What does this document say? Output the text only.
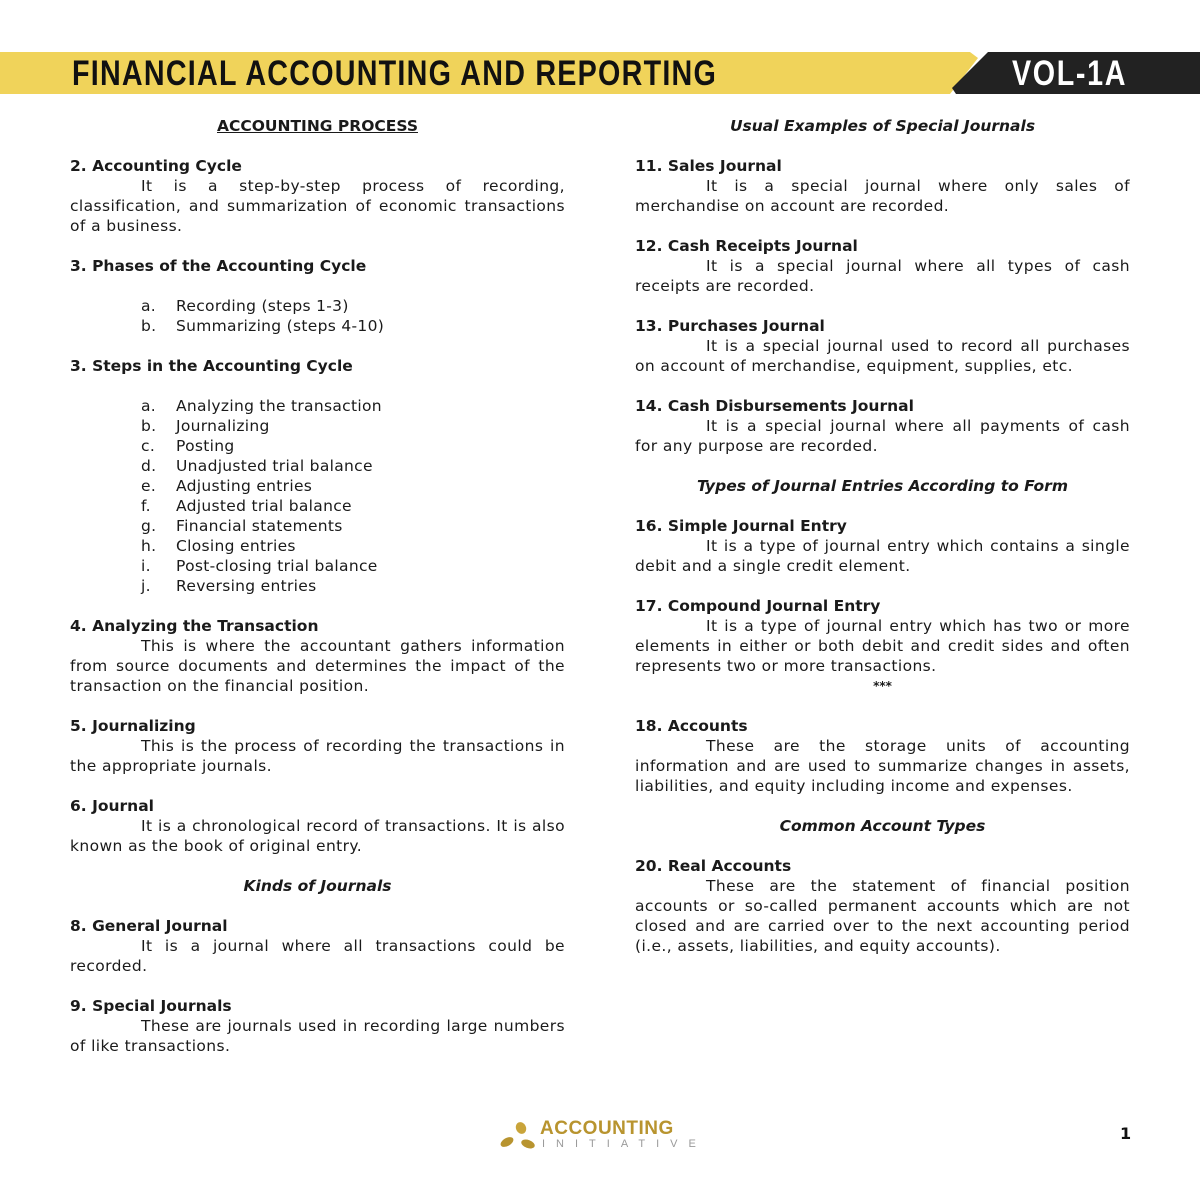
FINANCIAL ACCOUNTING AND REPORTING	VOL-1A
ACCOUNTING PROCESS
2. Accounting Cycle
It is a step-by-step process of recording, classification, and summarization of economic transactions of a business.
3. Phases of the Accounting Cycle
a.	Recording (steps 1-3)
b.	Summarizing (steps 4-10)
3. Steps in the Accounting Cycle
a.	Analyzing the transaction
b.	Journalizing
c.	Posting
d.	Unadjusted trial balance
e.	Adjusting entries
f.	Adjusted trial balance
g.	Financial statements
h.	Closing entries
i.	Post-closing trial balance
j.	Reversing entries
4. Analyzing the Transaction
This is where the accountant gathers information from source documents and determines the impact of the transaction on the financial position.
5. Journalizing
This is the process of recording the transactions in the appropriate journals.
6. Journal
It is a chronological record of transactions. It is also known as the book of original entry.
Kinds of Journals
8. General Journal
It is a journal where all transactions could be recorded.
9. Special Journals
These are journals used in recording large numbers of like transactions.
Usual Examples of Special Journals
11. Sales Journal
It is a special journal where only sales of merchandise on account are recorded.
12. Cash Receipts Journal
It is a special journal where all types of cash receipts are recorded.
13. Purchases Journal
It is a special journal used to record all purchases on account of merchandise, equipment, supplies, etc.
14. Cash Disbursements Journal
It is a special journal where all payments of cash for any purpose are recorded.
Types of Journal Entries According to Form
16. Simple Journal Entry
It is a type of journal entry which contains a single debit and a single credit element.
17. Compound Journal Entry
It is a type of journal entry which has two or more elements in either or both debit and credit sides and often represents two or more transactions.
***
18. Accounts
These are the storage units of accounting information and are used to summarize changes in assets, liabilities, and equity including income and expenses.
Common Account Types
20. Real Accounts
These are the statement of financial position accounts or so-called permanent accounts which are not closed and are carried over to the next accounting period (i.e., assets, liabilities, and equity accounts).
ACCOUNTING
INITIATIVE
1
